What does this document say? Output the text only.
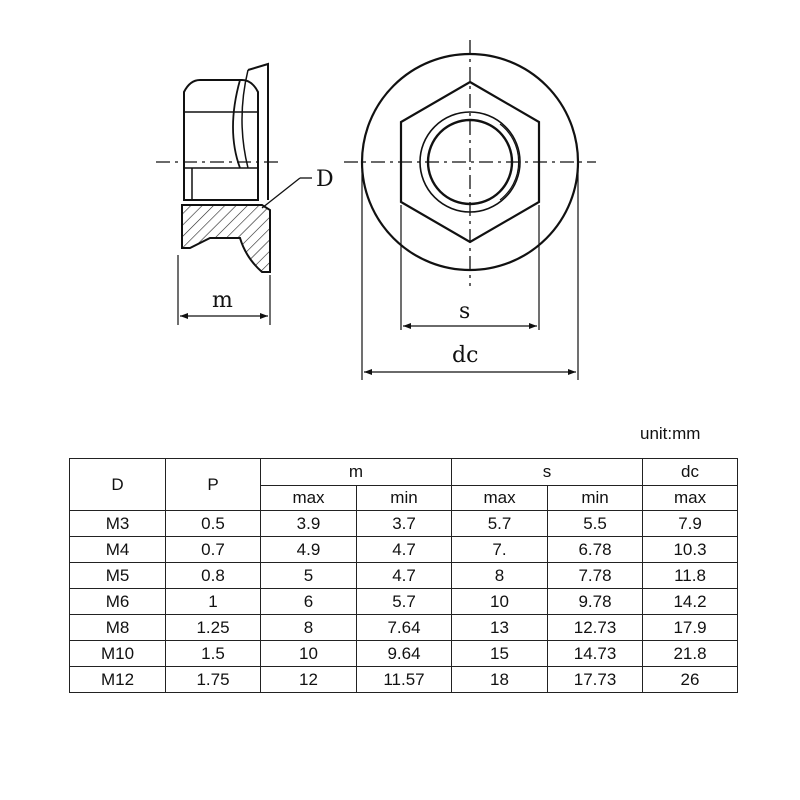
D
m	s
dc
unit:mm
D	P	m		s		dc
		max	min	max	min	max
M3	0.5	3.9	3.7	5.7	5.5	7.9
M4	0.7	4.9	4.7	7.	6.78	10.3
M5	0.8	5	4.7	8	7.78	11.8
M6	1	6	5.7	10	9.78	14.2
M8	1.25	8	7.64	13	12.73	17.9
M10	1.5	10	9.64	15	14.73	21.8
M12	1.75	12	11.57	18	17.73	26
